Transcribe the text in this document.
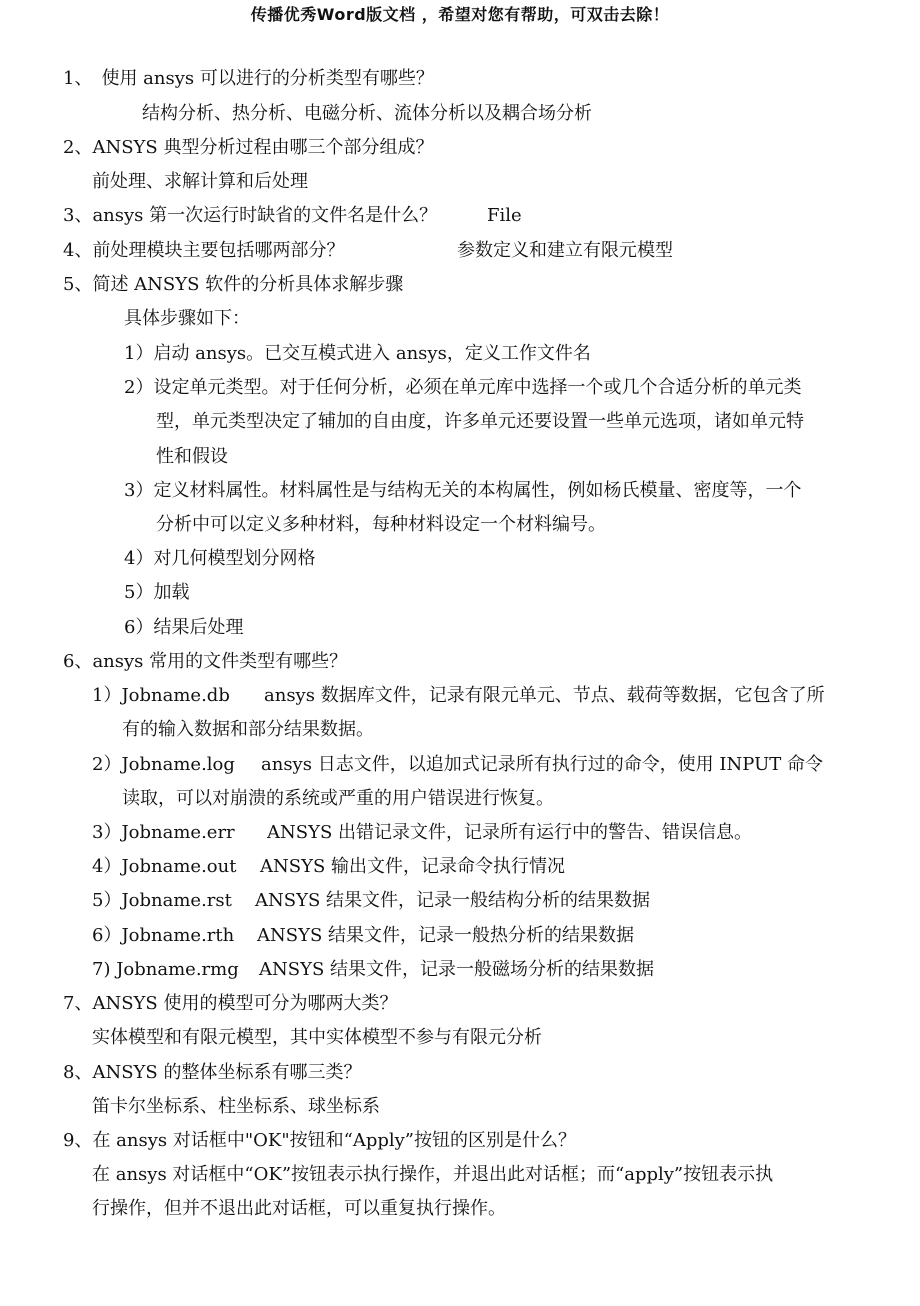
传播优秀Word版文档 ，希望对您有帮助，可双击去除！
1、　使用 ansys 可以进行的分析类型有哪些？
结构分析、热分析、电磁分析、流体分析以及耦合场分析
2、ANSYS 典型分析过程由哪三个部分组成？
前处理、求解计算和后处理
3、ansys 第一次运行时缺省的文件名是什么？	File
4、前处理模块主要包括哪两部分？	参数定义和建立有限元模型
5、简述 ANSYS 软件的分析具体求解步骤
具体步骤如下：
1）启动 ansys。已交互模式进入 ansys，定义工作文件名
2）设定单元类型。对于任何分析，必须在单元库中选择一个或几个合适分析的单元类
型，单元类型决定了辅加的自由度，许多单元还要设置一些单元选项，诸如单元特
性和假设
3）定义材料属性。材料属性是与结构无关的本构属性，例如杨氏模量、密度等，一个
分析中可以定义多种材料，每种材料设定一个材料编号。
4）对几何模型划分网格
5）加载
6）结果后处理
6、ansys 常用的文件类型有哪些？
1）Jobname.db ansys 数据库文件，记录有限元单元、节点、载荷等数据，它包含了所
有的输入数据和部分结果数据。
2）Jobname.log ansys 日志文件，以追加式记录所有执行过的命令，使用 INPUT 命令
读取，可以对崩溃的系统或严重的用户错误进行恢复。
3）Jobname.err ANSYS 出错记录文件，记录所有运行中的警告、错误信息。
4）Jobname.out ANSYS 输出文件，记录命令执行情况
5）Jobname.rst ANSYS 结果文件，记录一般结构分析的结果数据
6）Jobname.rth ANSYS 结果文件，记录一般热分析的结果数据
7) Jobname.rmg ANSYS 结果文件，记录一般磁场分析的结果数据
7、ANSYS 使用的模型可分为哪两大类？
实体模型和有限元模型，其中实体模型不参与有限元分析
8、ANSYS 的整体坐标系有哪三类？
笛卡尔坐标系、柱坐标系、球坐标系
9、在 ansys 对话框中"OK"按钮和“Apply”按钮的区别是什么？
在 ansys 对话框中“OK”按钮表示执行操作，并退出此对话框；而“apply”按钮表示执
行操作，但并不退出此对话框，可以重复执行操作。
